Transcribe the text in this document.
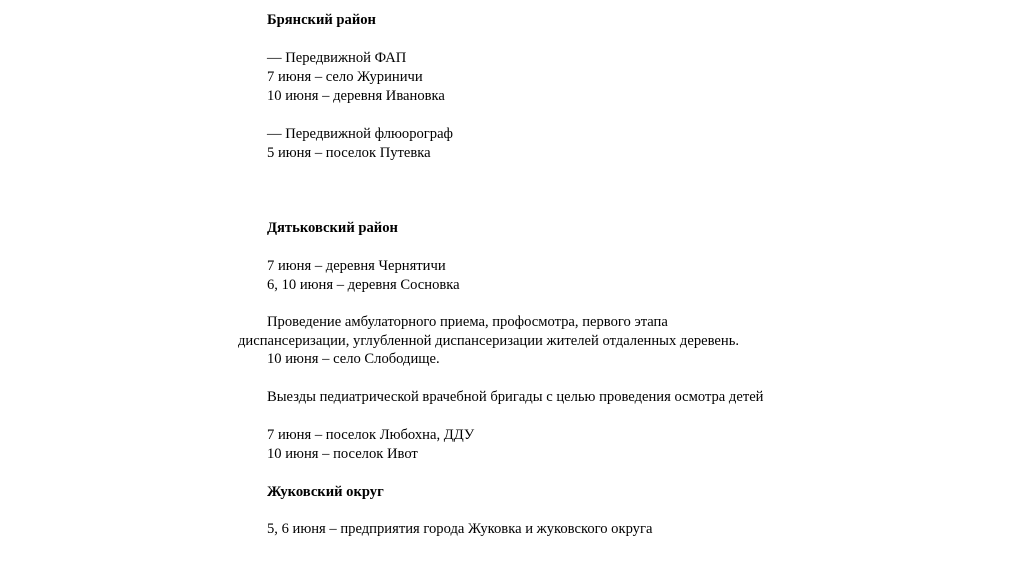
Брянский район
— Передвижной ФАП
7 июня – село Журиничи
10 июня – деревня Ивановка
— Передвижной флюорограф
5 июня – поселок Путевка
Дятьковский район
7 июня – деревня Чернятичи
6, 10 июня – деревня Сосновка
Проведение амбулаторного приема, профосмотра, первого этапа
диспансеризации, углубленной диспансеризации жителей отдаленных деревень.
10 июня – село Слободище.
Выезды педиатрической врачебной бригады с целью проведения осмотра детей
7 июня – поселок Любохна, ДДУ
10 июня – поселок Ивот
Жуковский округ
5, 6 июня – предприятия города Жуковка и жуковского округа
